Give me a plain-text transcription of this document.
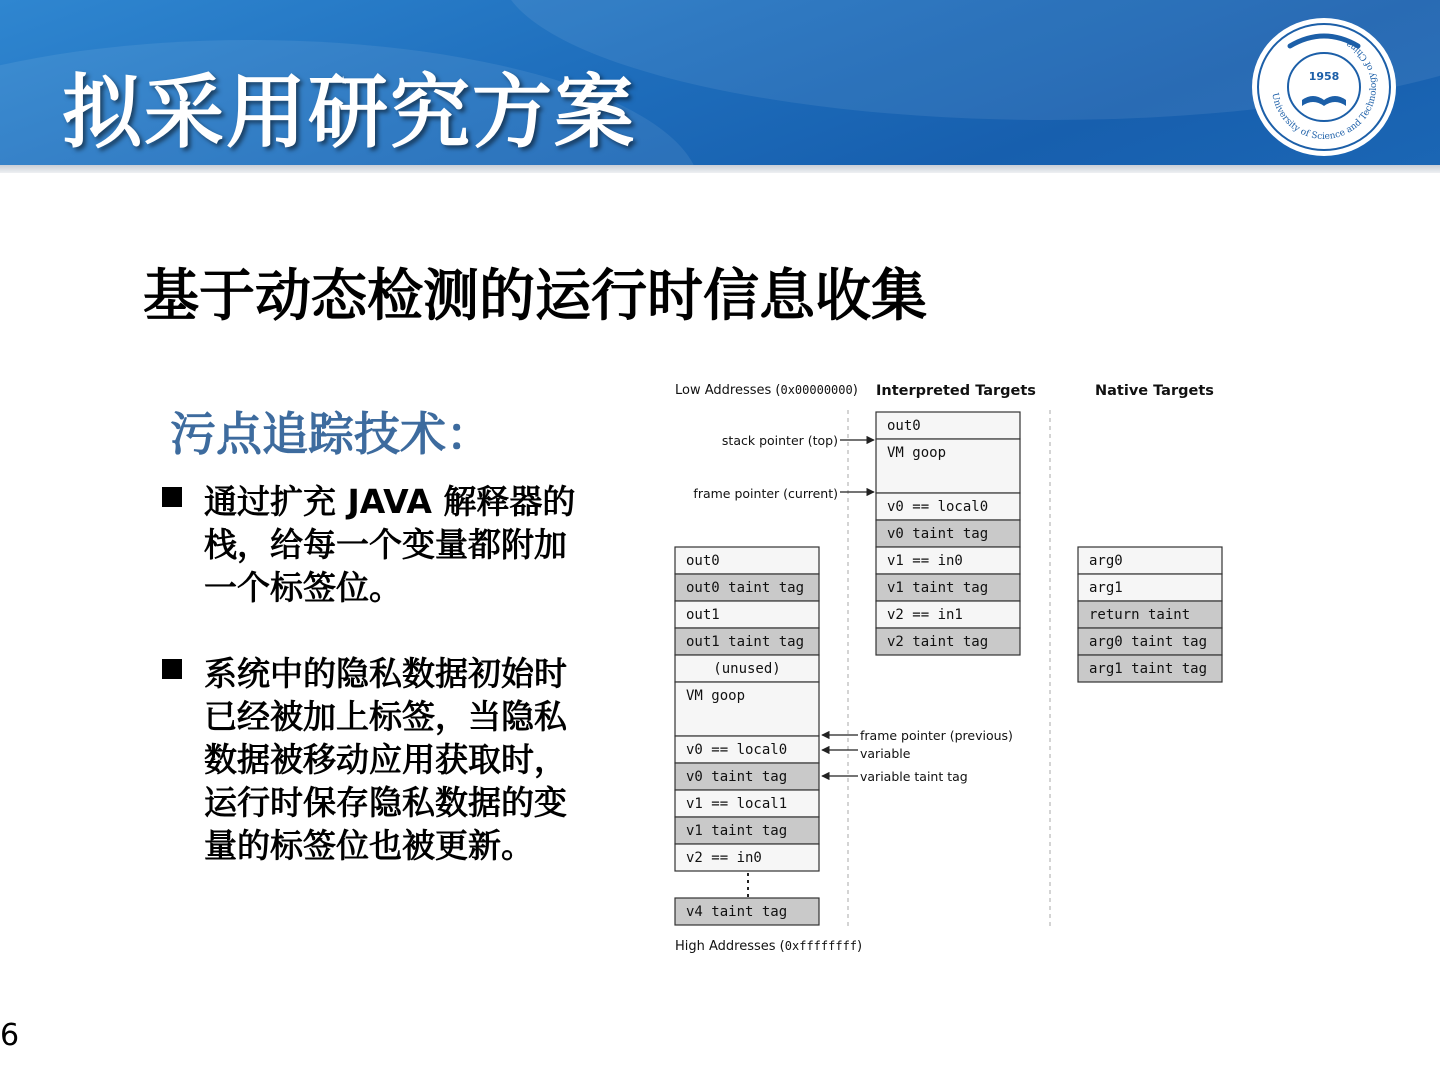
拟采用研究方案	University of Science and Technology of China
1958
基于动态检测的运行时信息收集
污点追踪技术：
通过扩充 JAVA 解释器的栈，给每一个变量都附加一个标签位。
系统中的隐私数据初始时已经被加上标签，当隐私数据被移动应用获取时，运行时保存隐私数据的变量的标签位也被更新。
Low Addresses (0x00000000) Interpreted Targets	Native Targets
out0
out0 taint tag
out1
out1 taint tag
(unused)
VM goop
v0 == local0
v0 taint tag
v1 == local1
v1 taint tag
v2 == in0
v4 taint tag
out0
VM goop
v0 == local0
v0 taint tag
v1 == in0
v1 taint tag
v2 == in1
v2 taint tag
arg0
arg1
return taint
arg0 taint tag
arg1 taint tag
stack pointer (top)
frame pointer (current)
frame pointer (previous)
variable
variable taint tag
High Addresses (0xffffffff)
6
